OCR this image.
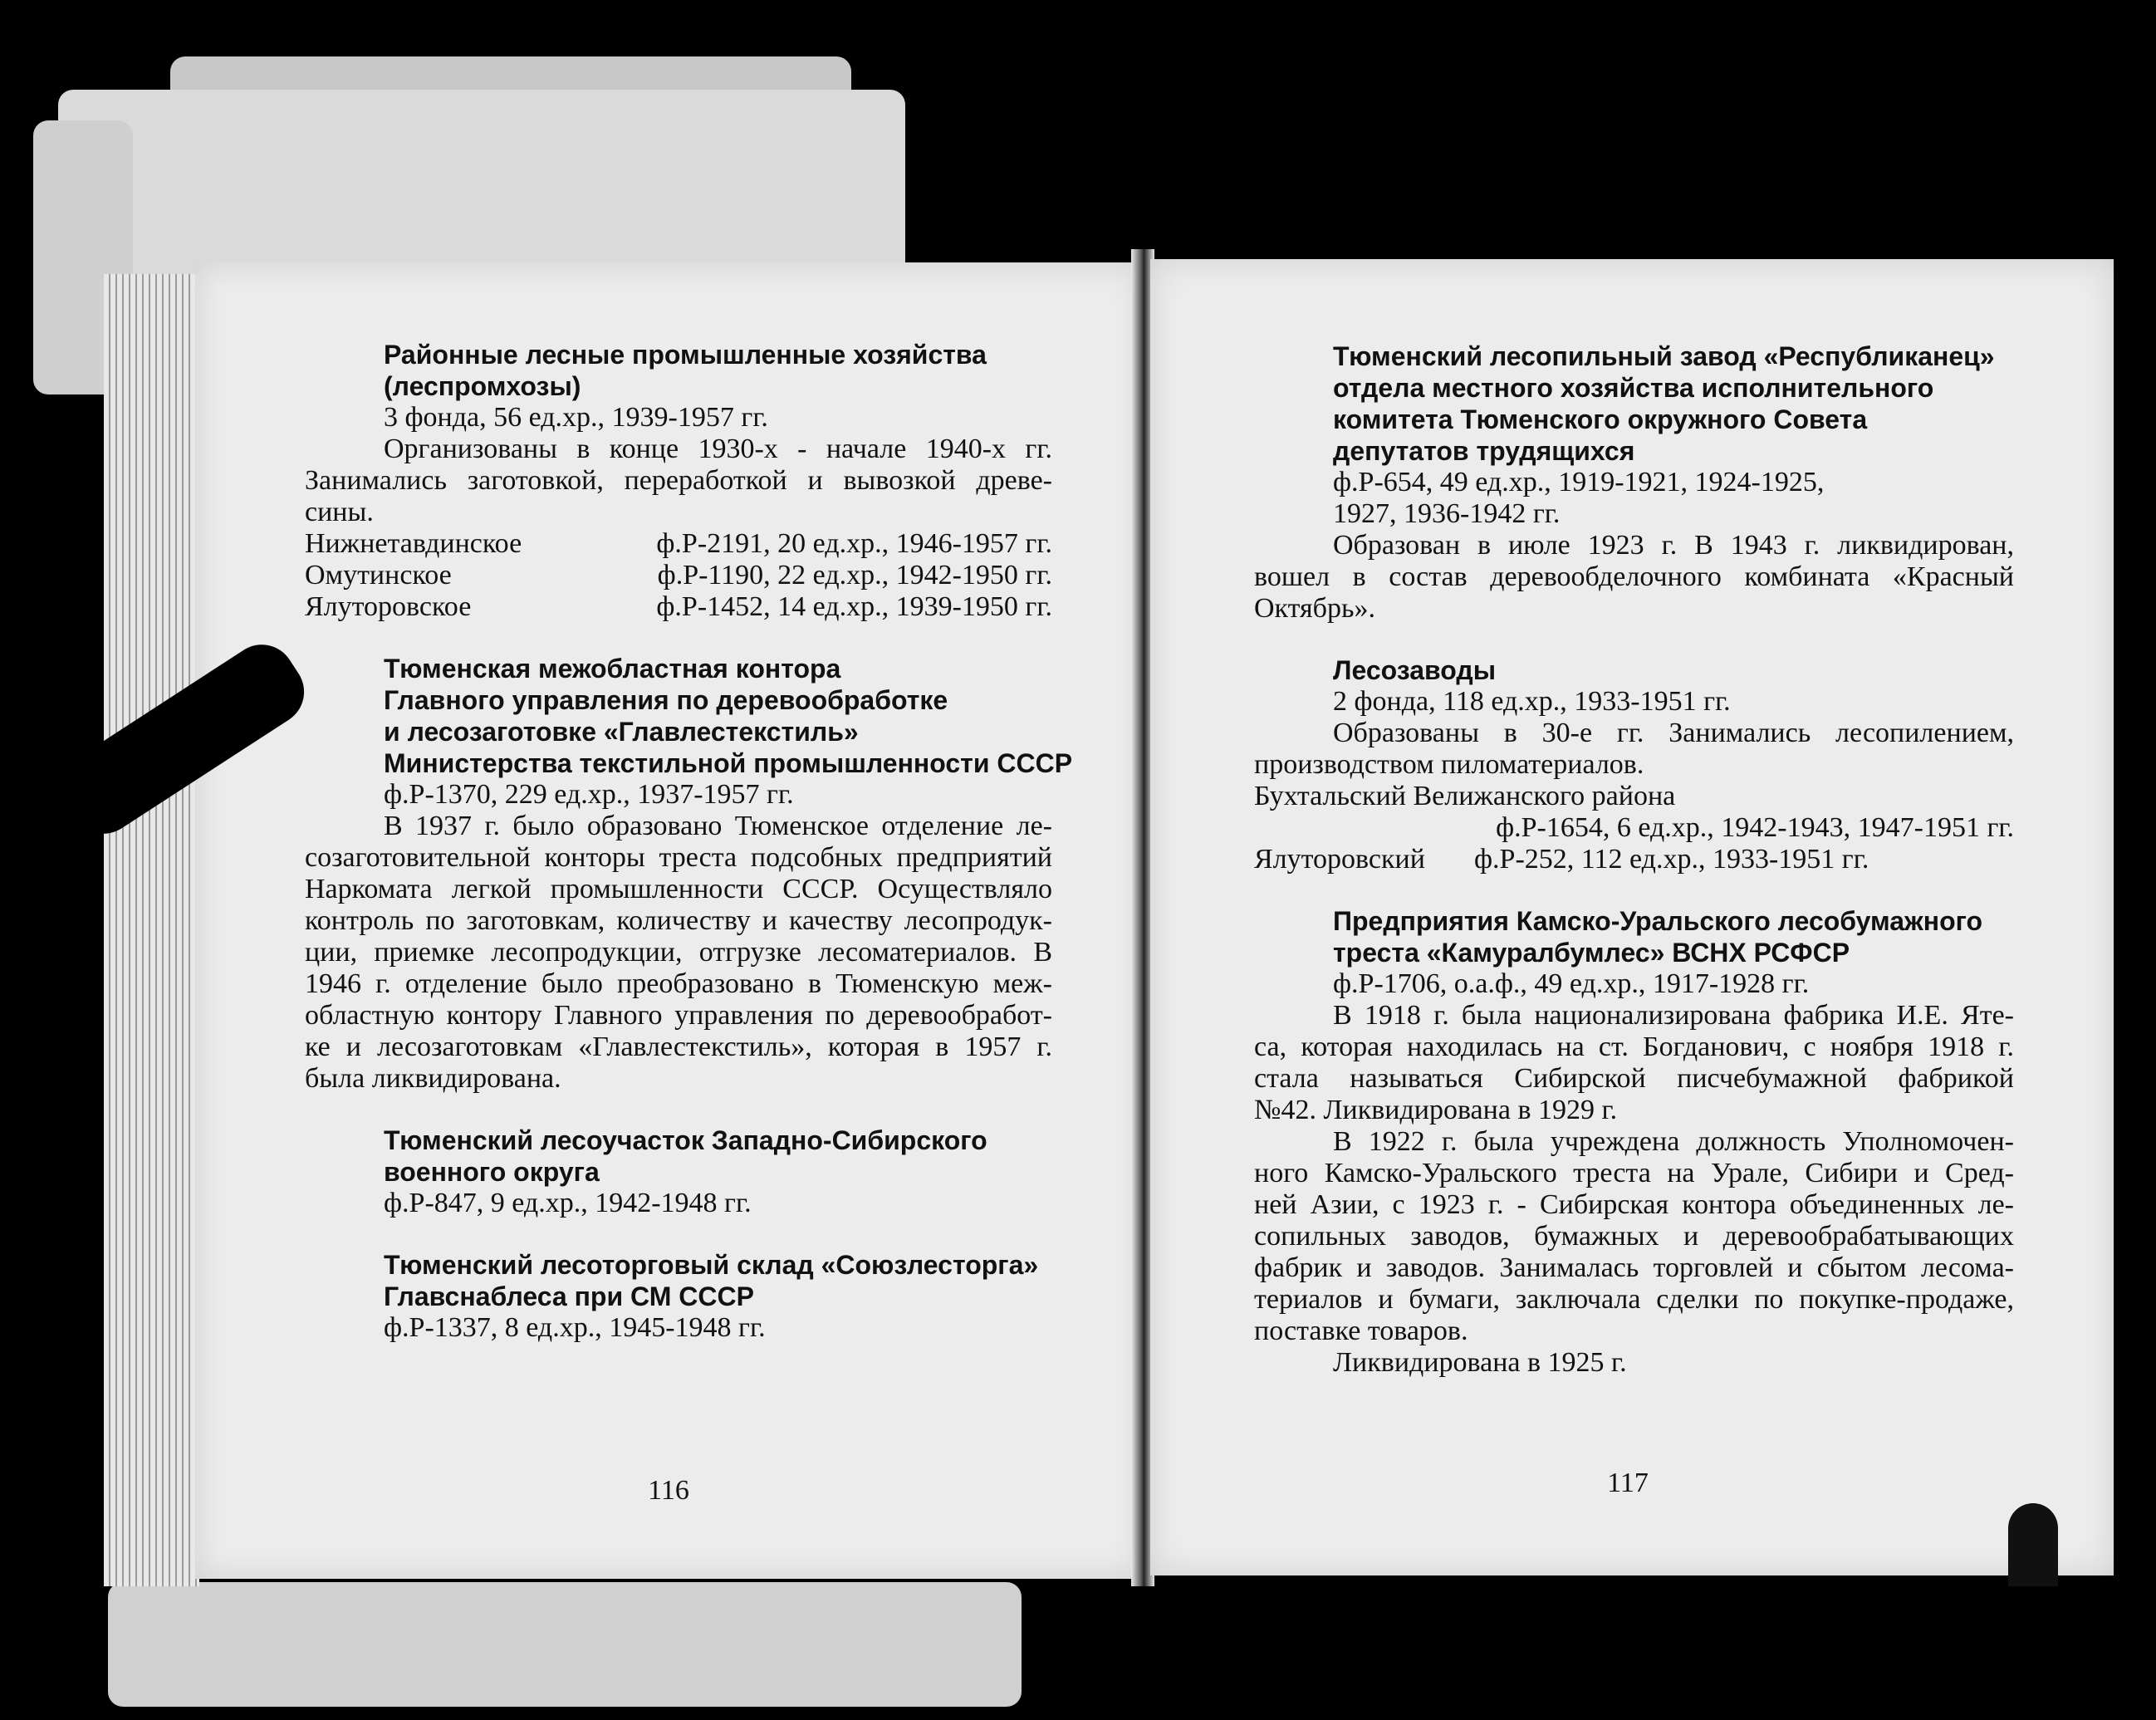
Районные лесные промышленные хозяйства
(леспромхозы)
3 фонда, 56 ед.хр., 1939-1957 гг.
Организованы в конце 1930-х - начале 1940-х гг.
Занимались заготовкой, переработкой и вывозкой древе-
сины.
Нижнетавдинское	ф.Р-2191, 20 ед.хр., 1946-1957 гг.
Омутинское	ф.Р-1190, 22 ед.хр., 1942-1950 гг.
Ялуторовское	ф.Р-1452, 14 ед.хр., 1939-1950 гг.
Тюменская межобластная контора
Главного управления по деревообработке
и лесозаготовке «Главлестекстиль»
Министерства текстильной промышленности СССР
ф.Р-1370, 229 ед.хр., 1937-1957 гг.
В 1937 г. было образовано Тюменское отделение ле-
созаготовительной конторы треста подсобных предприятий
Наркомата легкой промышленности СССР. Осуществляло
контроль по заготовкам, количеству и качеству лесопродук-
ции, приемке лесопродукции, отгрузке лесоматериалов. В
1946 г. отделение было преобразовано в Тюменскую меж-
областную контору Главного управления по деревообработ-
ке и лесозаготовкам «Главлестекстиль», которая в 1957 г.
была ликвидирована.
Тюменский лесоучасток Западно-Сибирского
военного округа
ф.Р-847, 9 ед.хр., 1942-1948 гг.
Тюменский лесоторговый склад «Союзлесторга»
Главснаблеса при СМ СССР
ф.Р-1337, 8 ед.хр., 1945-1948 гг.
116
Тюменский лесопильный завод «Республиканец»
отдела местного хозяйства исполнительного
комитета Тюменского окружного Совета
депутатов трудящихся
ф.Р-654, 49 ед.хр., 1919-1921, 1924-1925,
1927, 1936-1942 гг.
Образован в июле 1923 г. В 1943 г. ликвидирован,
вошел в состав деревообделочного комбината «Красный
Октябрь».
Лесозаводы
2 фонда, 118 ед.хр., 1933-1951 гг.
Образованы в 30-е гг. Занимались лесопилением,
производством пиломатериалов.
Бухтальский Велижанского района
ф.Р-1654, 6 ед.хр., 1942-1943, 1947-1951 гг.
Ялуторовский	ф.Р-252, 112 ед.хр., 1933-1951 гг.
Предприятия Камско-Уральского лесобумажного
треста «Камуралбумлес» ВСНХ РСФСР
ф.Р-1706, о.а.ф., 49 ед.хр., 1917-1928 гг.
В 1918 г. была национализирована фабрика И.Е. Яте-
са, которая находилась на ст. Богданович, с ноября 1918 г.
стала называться Сибирской писчебумажной фабрикой
№42. Ликвидирована в 1929 г.
В 1922 г. была учреждена должность Уполномочен-
ного Камско-Уральского треста на Урале, Сибири и Сред-
ней Азии, с 1923 г. - Сибирская контора объединенных ле-
сопильных заводов, бумажных и деревообрабатывающих
фабрик и заводов. Занималась торговлей и сбытом лесома-
териалов и бумаги, заключала сделки по покупке-продаже,
поставке товаров.
Ликвидирована в 1925 г.
117
